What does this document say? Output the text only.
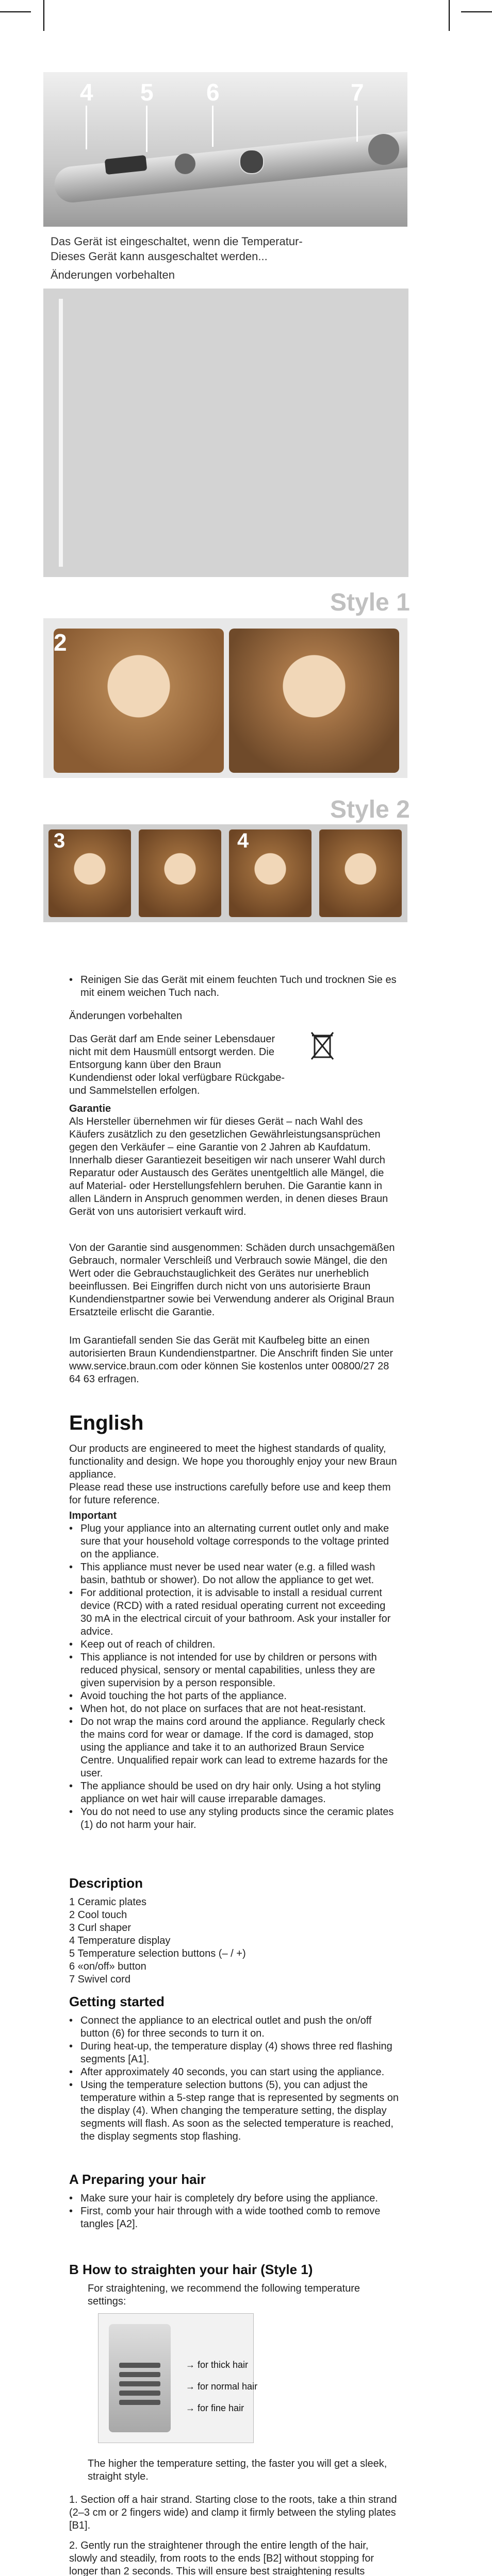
4 5 6	7
Das Gerät ist eingeschaltet, wenn die Temperatur-
Dieses Gerät kann ausgeschaltet werden...
Änderungen vorbehalten
Style 1
2
Style 2
3	4
• Reinigen Sie das Gerät mit einem feuchten Tuch und trocknen Sie es mit einem weichen Tuch nach.
Änderungen vorbehalten
Das Gerät darf am Ende seiner Lebensdauer nicht mit dem Hausmüll entsorgt werden. Die Entsorgung kann über den Braun Kundendienst oder lokal verfügbare Rückgabe- und Sammelstellen erfolgen.
Garantie
Als Hersteller übernehmen wir für dieses Gerät – nach Wahl des Käufers zusätzlich zu den gesetzlichen Gewährleistungsansprüchen gegen den Verkäufer – eine Garantie von 2 Jahren ab Kaufdatum. Innerhalb dieser Garantiezeit beseitigen wir nach unserer Wahl durch Reparatur oder Austausch des Gerätes unentgeltlich alle Mängel, die auf Material- oder Herstellungsfehlern beruhen. Die Garantie kann in allen Ländern in Anspruch genommen werden, in denen dieses Braun Gerät von uns autorisiert verkauft wird.
Von der Garantie sind ausgenommen: Schäden durch unsachgemäßen Gebrauch, normaler Verschleiß und Verbrauch sowie Mängel, die den Wert oder die Gebrauchstauglichkeit des Gerätes nur unerheblich beeinflussen. Bei Eingriffen durch nicht von uns autorisierte Braun Kundendienstpartner sowie bei Verwendung anderer als Original Braun Ersatzteile erlischt die Garantie.
Im Garantiefall senden Sie das Gerät mit Kaufbeleg bitte an einen autorisierten Braun Kundendienstpartner. Die Anschrift finden Sie unter www.service.braun.com oder können Sie kostenlos unter 00800/27 28 64 63 erfragen.
English
Our products are engineered to meet the highest standards of quality, functionality and design. We hope you thoroughly enjoy your new Braun appliance.
Please read these use instructions carefully before use and keep them for future reference.
Important
• Plug your appliance into an alternating current outlet only and make sure that your household voltage corresponds to the voltage printed on the appliance.
• This appliance must never be used near water (e.g. a filled wash basin, bathtub or shower). Do not allow the appliance to get wet.
• For additional protection, it is advisable to install a residual current device (RCD) with a rated residual operating current not exceeding 30 mA in the electrical circuit of your bathroom. Ask your installer for advice.
• Keep out of reach of children.
• This appliance is not intended for use by children or persons with reduced physical, sensory or mental capabilities, unless they are given supervision by a person responsible.
• Avoid touching the hot parts of the appliance.
• When hot, do not place on surfaces that are not heat-resistant.
• Do not wrap the mains cord around the appliance. Regularly check the mains cord for wear or damage. If the cord is damaged, stop using the appliance and take it to an authorized Braun Service Centre. Unqualified repair work can lead to extreme hazards for the user.
• The appliance should be used on dry hair only. Using a hot styling appliance on wet hair will cause irreparable damages.
• You do not need to use any styling products since the ceramic plates (1) do not harm your hair.
Description
1 Ceramic plates
2 Cool touch
3 Curl shaper
4 Temperature display
5 Temperature selection buttons (– / +)
6 «on/off» button
7 Swivel cord
Getting started
• Connect the appliance to an electrical outlet and push the on/off button (6) for three seconds to turn it on.
• During heat-up, the temperature display (4) shows three red flashing segments [A1].
• After approximately 40 seconds, you can start using the appliance.
• Using the temperature selection buttons (5), you can adjust the temperature within a 5-step range that is represented by segments on the display (4). When changing the temperature setting, the display segments will flash. As soon as the selected temperature is reached, the display segments stop flashing.
A Preparing your hair
• Make sure your hair is completely dry before using the appliance.
• First, comb your hair through with a wide toothed comb to remove tangles [A2].
B How to straighten your hair (Style 1)
For straightening, we recommend the following temperature settings:
→ for thick hair
→ for normal hair
→ for fine hair
The higher the temperature setting, the faster you will get a sleek, straight style.
1. Section off a hair strand. Starting close to the roots, take a thin strand (2–3 cm or 2 fingers wide) and clamp it firmly between the styling plates [B1].
2. Gently run the straightener through the entire length of the hair, slowly and steadily, from roots to the ends [B2] without stopping for longer than 2 seconds. This will ensure best straightening results
